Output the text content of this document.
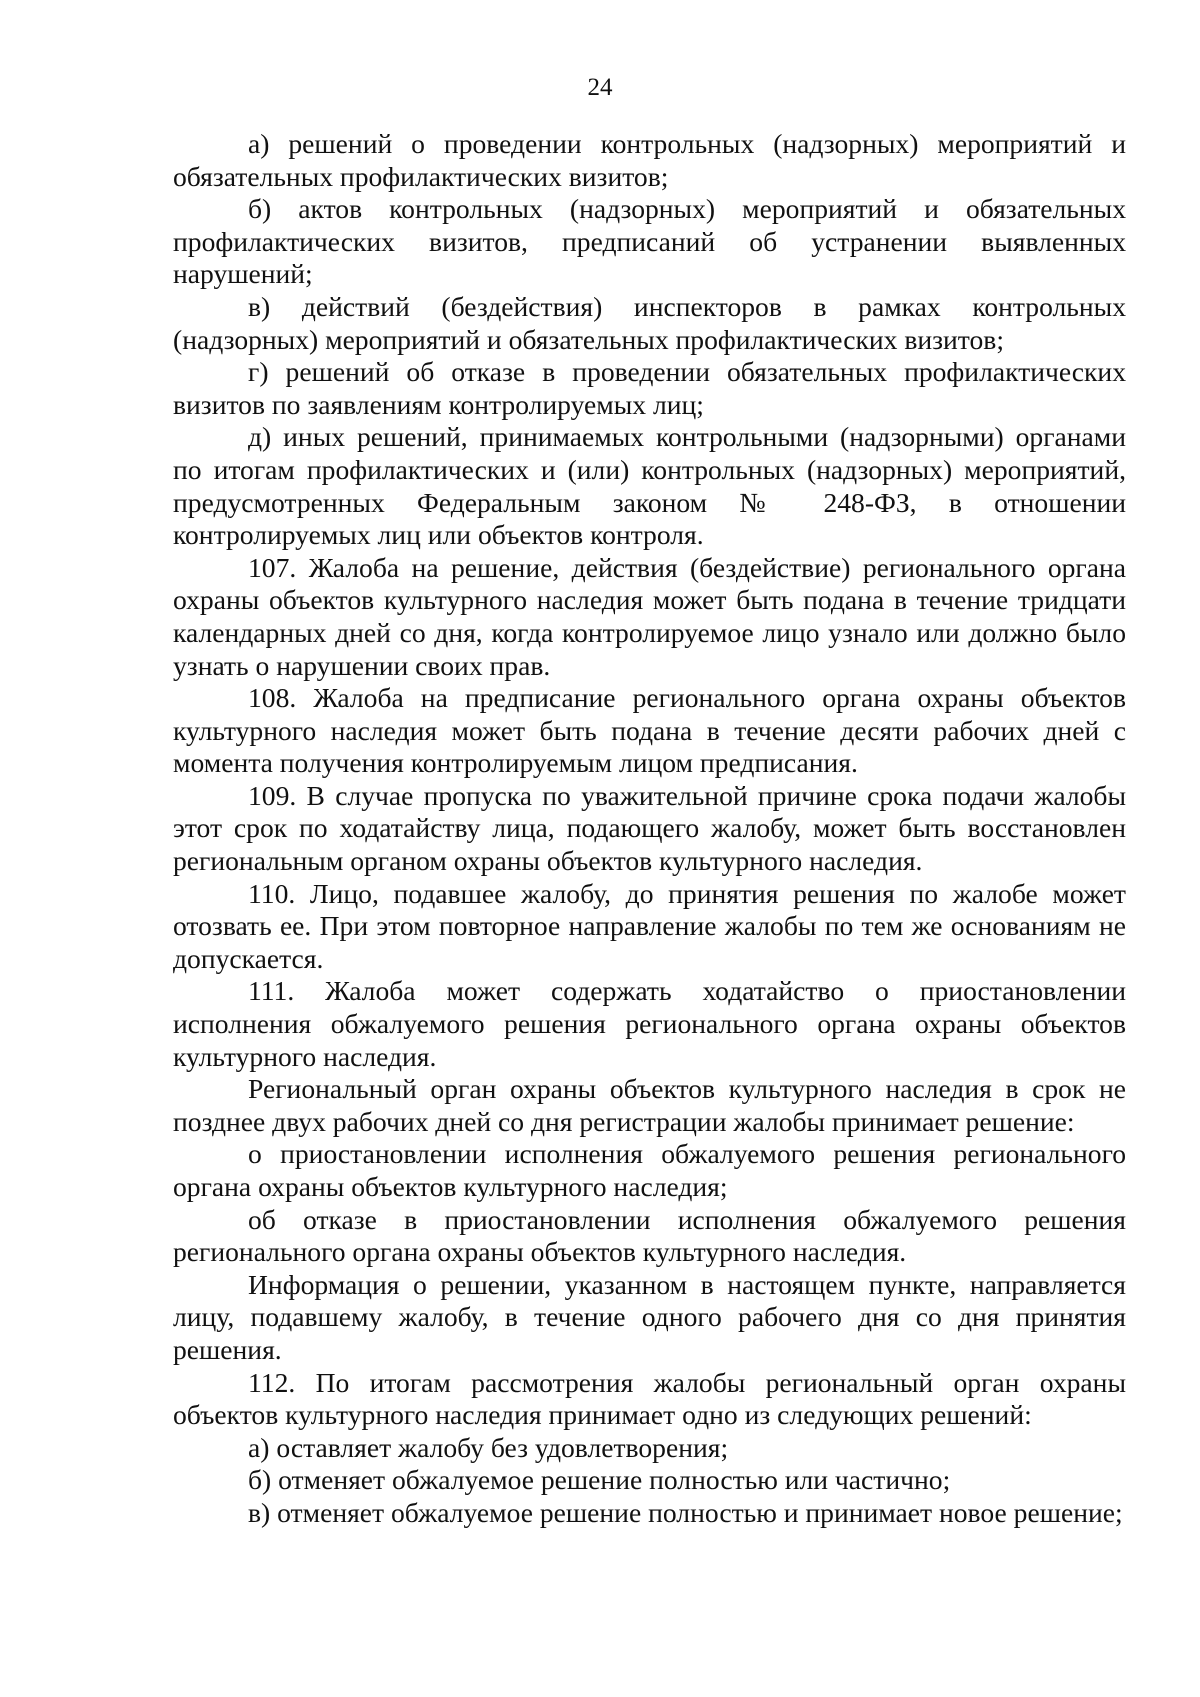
24

а) решений о проведении контрольных (надзорных) мероприятий и обязательных профилактических визитов;

б) актов контрольных (надзорных) мероприятий и обязательных профилактических визитов, предписаний об устранении выявленных нарушений;

в) действий (бездействия) инспекторов в рамках контрольных (надзорных) мероприятий и обязательных профилактических визитов;

г) решений об отказе в проведении обязательных профилактических визитов по заявлениям контролируемых лиц;

д) иных решений, принимаемых контрольными (надзорными) органами по итогам профилактических и (или) контрольных (надзорных) мероприятий, предусмотренных Федеральным законом № 248-ФЗ, в отношении контролируемых лиц или объектов контроля.

107. Жалоба на решение, действия (бездействие) регионального органа охраны объектов культурного наследия может быть подана в течение тридцати календарных дней со дня, когда контролируемое лицо узнало или должно было узнать о нарушении своих прав.

108. Жалоба на предписание регионального органа охраны объектов культурного наследия может быть подана в течение десяти рабочих дней с момента получения контролируемым лицом предписания.

109. В случае пропуска по уважительной причине срока подачи жалобы этот срок по ходатайству лица, подающего жалобу, может быть восстановлен региональным органом охраны объектов культурного наследия.

110. Лицо, подавшее жалобу, до принятия решения по жалобе может отозвать ее. При этом повторное направление жалобы по тем же основаниям не допускается.

111. Жалоба может содержать ходатайство о приостановлении исполнения обжалуемого решения регионального органа охраны объектов культурного наследия.

Региональный орган охраны объектов культурного наследия в срок не позднее двух рабочих дней со дня регистрации жалобы принимает решение:

о приостановлении исполнения обжалуемого решения регионального органа охраны объектов культурного наследия;

об отказе в приостановлении исполнения обжалуемого решения регионального органа охраны объектов культурного наследия.

Информация о решении, указанном в настоящем пункте, направляется лицу, подавшему жалобу, в течение одного рабочего дня со дня принятия решения.

112. По итогам рассмотрения жалобы региональный орган охраны объектов культурного наследия принимает одно из следующих решений:

а) оставляет жалобу без удовлетворения;

б) отменяет обжалуемое решение полностью или частично;

в) отменяет обжалуемое решение полностью и принимает новое решение;
